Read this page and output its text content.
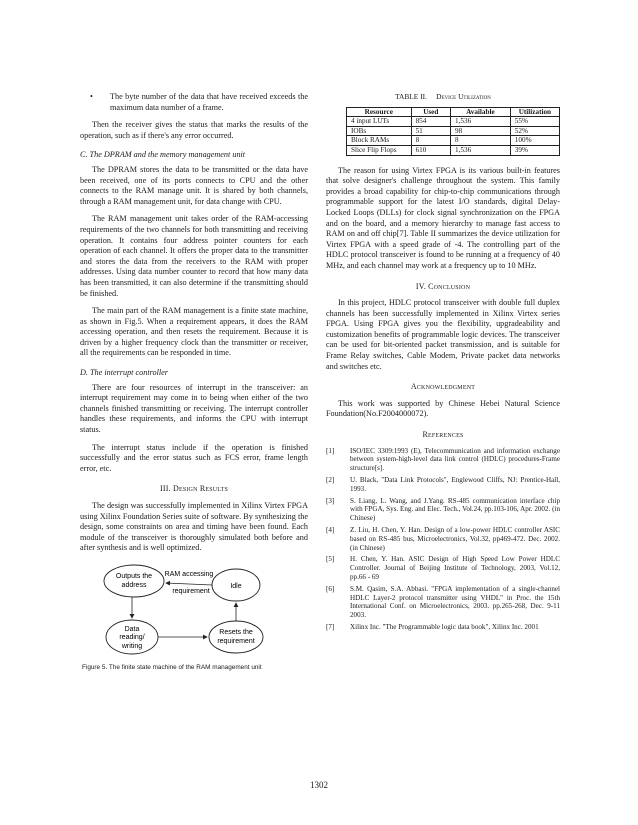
• The byte number of the data that have received exceeds the maximum data number of a frame.

Then the receiver gives the status that marks the results of the operation, such as if there's any error occurred.

C. The DPRAM and the memory management unit

The DPRAM stores the data to be transmitted or the data have been received, one of its ports connects to CPU and the other connects to the RAM manage unit. It is shared by both channels, through a RAM management unit, for data change with CPU.

The RAM management unit takes order of the RAM-accessing requirements of the two channels for both transmitting and receiving operation. It contains four address pointer counters for each operation of each channel. It offers the proper data to the transmitter and stores the data from the receivers to the RAM with proper addresses. Using data number counter to record that how many data has been transmitted, it can also determine if the transmitting should be finished.

The main part of the RAM management is a finite state machine, as shown in Fig.5. When a requirement appears, it does the RAM accessing operation, and then resets the requirement. Because it is driven by a higher frequency clock than the transmitter or receiver, all the requirements can be responded in time.

D. The interrupt controller

There are four resources of interrupt in the transceiver: an interrupt requirement may come in to being when either of the two channels finished transmitting or receiving. The interrupt controller handles these requirements, and informs the CPU with interrupt status.

The interrupt status include if the operation is finished successfully and the error status such as FCS error, frame length error, etc.

III. Design Results

The design was successfully implemented in Xilinx Virtex FPGA using Xilinx Foundation Series suite of software. By synthesizing the design, some constraints on area and timing have been found. Each module of the transceiver is thoroughly simulated both before and after synthesis and is well optimized.

Outputs the
address	Idle
Data
reading/
writing
Resets the
requirement
RAM accessing
requirement
Figure 5. The finite state machine of the RAM management unit
TABLE II. Device Utilization
Resource	Used	Available	Utilization
4 input LUTs	854	1,536	55%
IOBs	51	98	52%
Block RAMs	8	8	100%
Slice Flip Flops	610	1,536	39%

The reason for using Virtex FPGA is its various built-in features that solve designer's challenge throughout the system. This family provides a broad capability for chip-to-chip communications through programmable support for the latest I/O standards, digital Delay-Locked Loops (DLLs) for clock signal synchronization on the FPGA and on the board, and a memory hierarchy to manage fast access to RAM on and off chip[7]. Table II summarizes the device utilization for Virtex FPGA with a speed grade of -4. The controlling part of the HDLC protocol transceiver is found to be running at a frequency of 40 MHz, and each channel may work at a frequency up to 10 MHz.

IV. Conclusion

In this project, HDLC protocol transceiver with double full duplex channels has been successfully implemented in Xilinx Virtex series FPGA. Using FPGA gives you the flexibility, upgradeability and customization benefits of programmable logic devices. The transceiver can be used for bit-oriented packet transmission, and is suitable for Frame Relay switches, Cable Modem, Private packet data networks and switches etc.

Acknowledgment

This work was supported by Chinese Hebei Natural Science Foundation(No.F2004000072).

References
[1] ISO/IEC 3309:1993 (E), Telecommunication and information exchange between system-high-level data link control (HDLC) procedures-Frame structure[s].
[2] U. Black, "Data Link Protocols", Englewood Cliffs, NJ: Prentice-Hall, 1993.
[3] S. Liang, L. Wang, and J.Yang. RS-485 communication interface chip with FPGA, Sys. Eng. and Elec. Tech., Vol.24, pp.103-106, Apr. 2002. (in Chinese)
[4] Z. Liu, H. Chen, Y. Han. Design of a low-power HDLC controller ASIC based on RS-485 bus, Microelectronics, Vol.32, pp469-472. Dec. 2002. (in Chinese)
[5] H. Chen, Y. Han. ASIC Design of High Speed Low Power HDLC Controller. Journal of Beijing Institute of Technology, 2003, Vol.12, pp.66 - 69
[6] S.M. Qasim, S.A. Abbasi. "FPGA implementation of a single-channel HDLC Layer-2 protocol transmitter using VHDL" in Proc. the 15th International Conf. on Microelectronics, 2003. pp.265-268, Dec. 9-11 2003.
[7] Xilinx Inc. "The Programmable logic data book", Xilinx Inc. 2001
1302
